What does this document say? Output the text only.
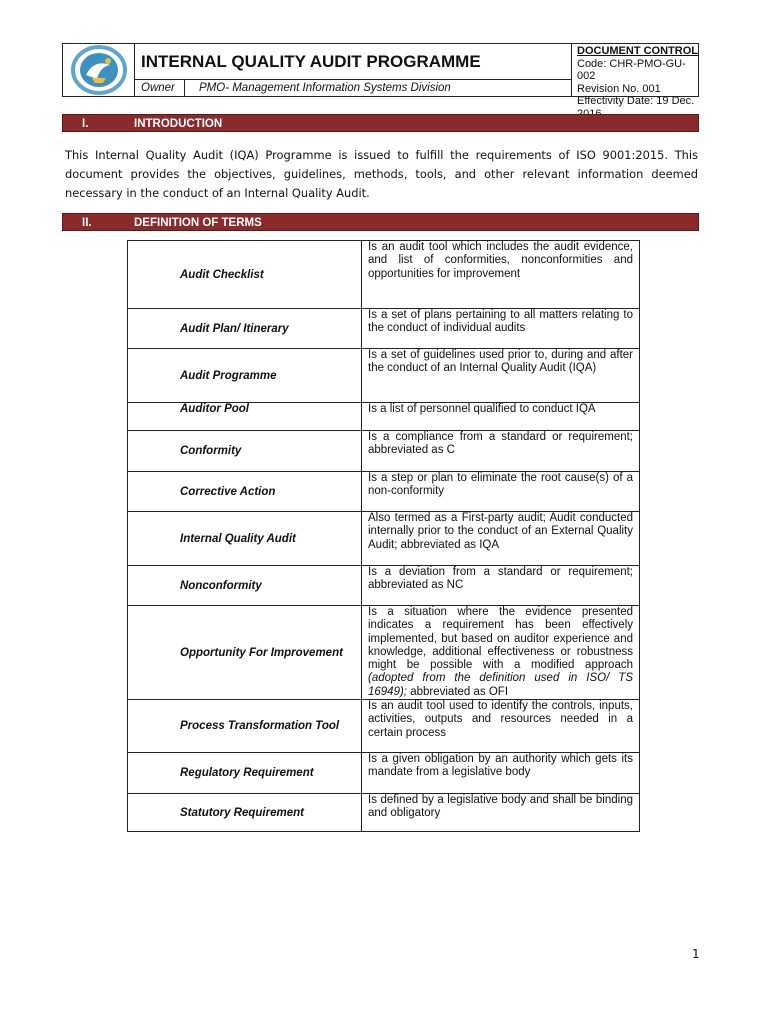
INTERNAL QUALITY AUDIT PROGRAMME
Owner	PMO- Management Information Systems Division
DOCUMENT CONTROL
Code: CHR-PMO-GU-002
Revision No. 001
Effectivity Date: 19 Dec.
I.	INTRODUCTION
This Internal Quality Audit (IQA) Programme is issued to fulfill the requirements of ISO 9001:2015. This document provides the objectives, guidelines, methods, tools, and other relevant information deemed necessary in the conduct of an Internal Quality Audit.
II.	DEFINITION OF TERMS
Audit Checklist	Is an audit tool which includes the audit evidence, and list of conformities, nonconformities and opportunities for improvement
Audit Plan/ Itinerary	Is a set of plans pertaining to all matters relating to the conduct of individual audits
Audit Programme	Is a set of guidelines used prior to, during and after the conduct of an Internal Quality Audit (IQA)
Auditor Pool	Is a list of personnel qualified to conduct IQA
Conformity	Is a compliance from a standard or requirement; abbreviated as C
Corrective Action	Is a step or plan to eliminate the root cause(s) of a non-conformity
Internal Quality Audit	Also termed as a First-party audit; Audit conducted internally prior to the conduct of an External Quality Audit; abbreviated as IQA
Nonconformity	Is a deviation from a standard or requirement; abbreviated as NC
Opportunity For Improvement	Is a situation where the evidence presented indicates a requirement has been effectively implemented, but based on auditor experience and knowledge, additional effectiveness or robustness might be possible with a modified approach (adopted from the definition used in ISO/ TS 16949); abbreviated as OFI
Process Transformation Tool	Is an audit tool used to identify the controls, inputs, activities, outputs and resources needed in a certain process
Regulatory Requirement	Is a given obligation by an authority which gets its mandate from a legislative body
Statutory Requirement	Is defined by a legislative body and shall be binding and obligatory
1
